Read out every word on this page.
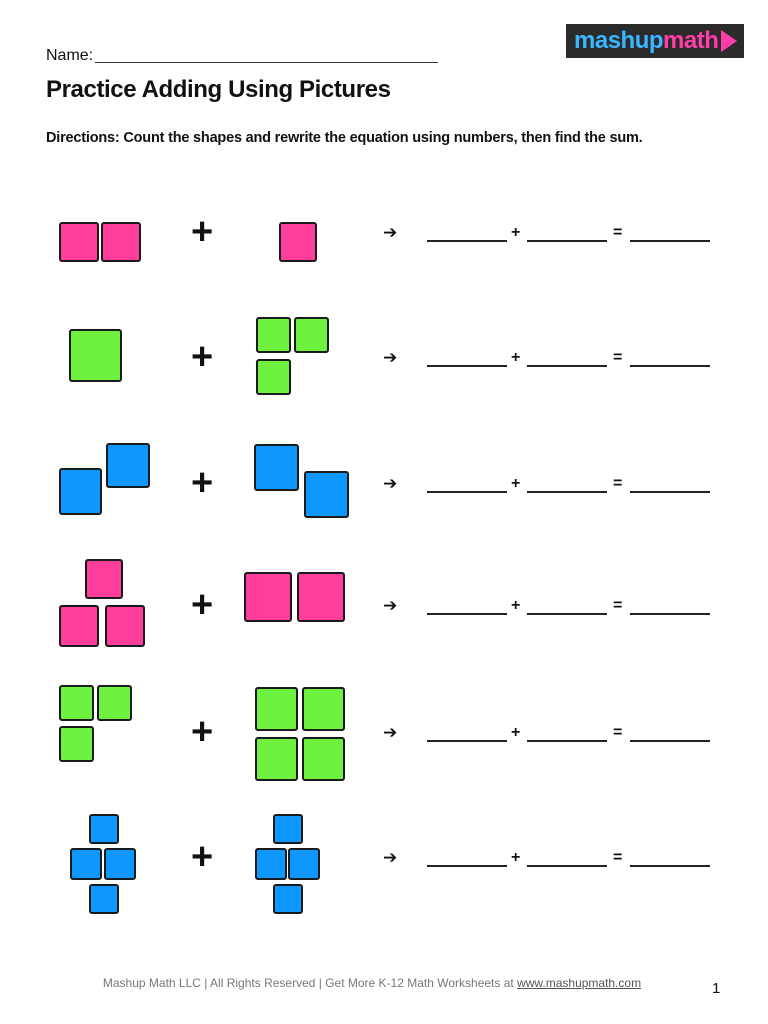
Name:
mashup math
Practice Adding Using Pictures
Directions: Count the shapes and rewrite the equation using numbers, then find the sum.
+	➔	+	=
+	➔	+	=
+	➔	+	=
+	➔	+	=
+	➔	+	=
+	➔	+	=
Mashup Math LLC | All Rights Reserved | Get More K-12 Math Worksheets at www.mashupmath.com	1
